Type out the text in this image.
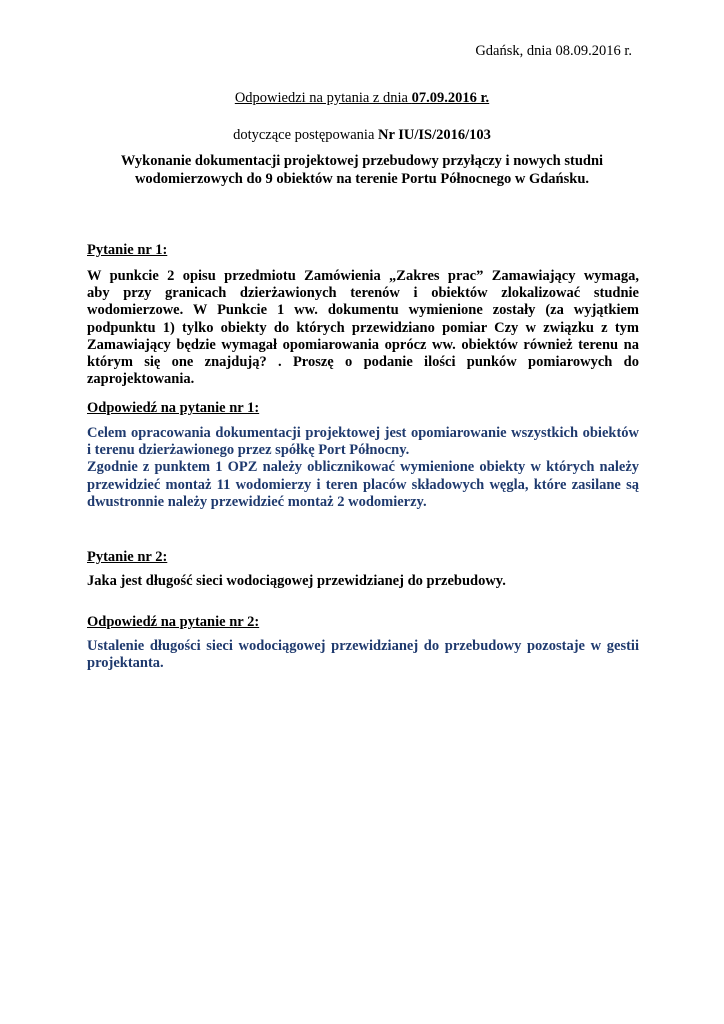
Gdańsk, dnia 08.09.2016 r.
Odpowiedzi na pytania z dnia 07.09.2016 r.
dotyczące postępowania Nr IU/IS/2016/103
Wykonanie dokumentacji projektowej przebudowy przyłączy i nowych studni
wodomierzowych do 9 obiektów na terenie Portu Północnego w Gdańsku.
Pytanie nr 1:
W punkcie 2 opisu przedmiotu Zamówienia „Zakres prac” Zamawiający wymaga,
aby przy granicach dzierżawionych terenów i obiektów zlokalizować studnie
wodomierzowe. W Punkcie 1 ww. dokumentu wymienione zostały (za wyjątkiem
podpunktu 1) tylko obiekty do których przewidziano pomiar Czy w związku z tym
Zamawiający będzie wymagał opomiarowania oprócz ww. obiektów również terenu na
którym się one znajdują? . Proszę o podanie ilości punków pomiarowych do
zaprojektowania.
Odpowiedź na pytanie nr 1:
Celem opracowania dokumentacji projektowej jest opomiarowanie wszystkich obiektów
i terenu dzierżawionego przez spółkę Port Północny.
Zgodnie z punktem 1 OPZ należy oblicznikować wymienione obiekty w których należy
przewidzieć montaż 11 wodomierzy i teren placów składowych węgla, które zasilane są
dwustronnie należy przewidzieć montaż 2 wodomierzy.
Pytanie nr 2:
Jaka jest długość sieci wodociągowej przewidzianej do przebudowy.
Odpowiedź na pytanie nr 2:
Ustalenie długości sieci wodociągowej przewidzianej do przebudowy pozostaje w gestii
projektanta.
